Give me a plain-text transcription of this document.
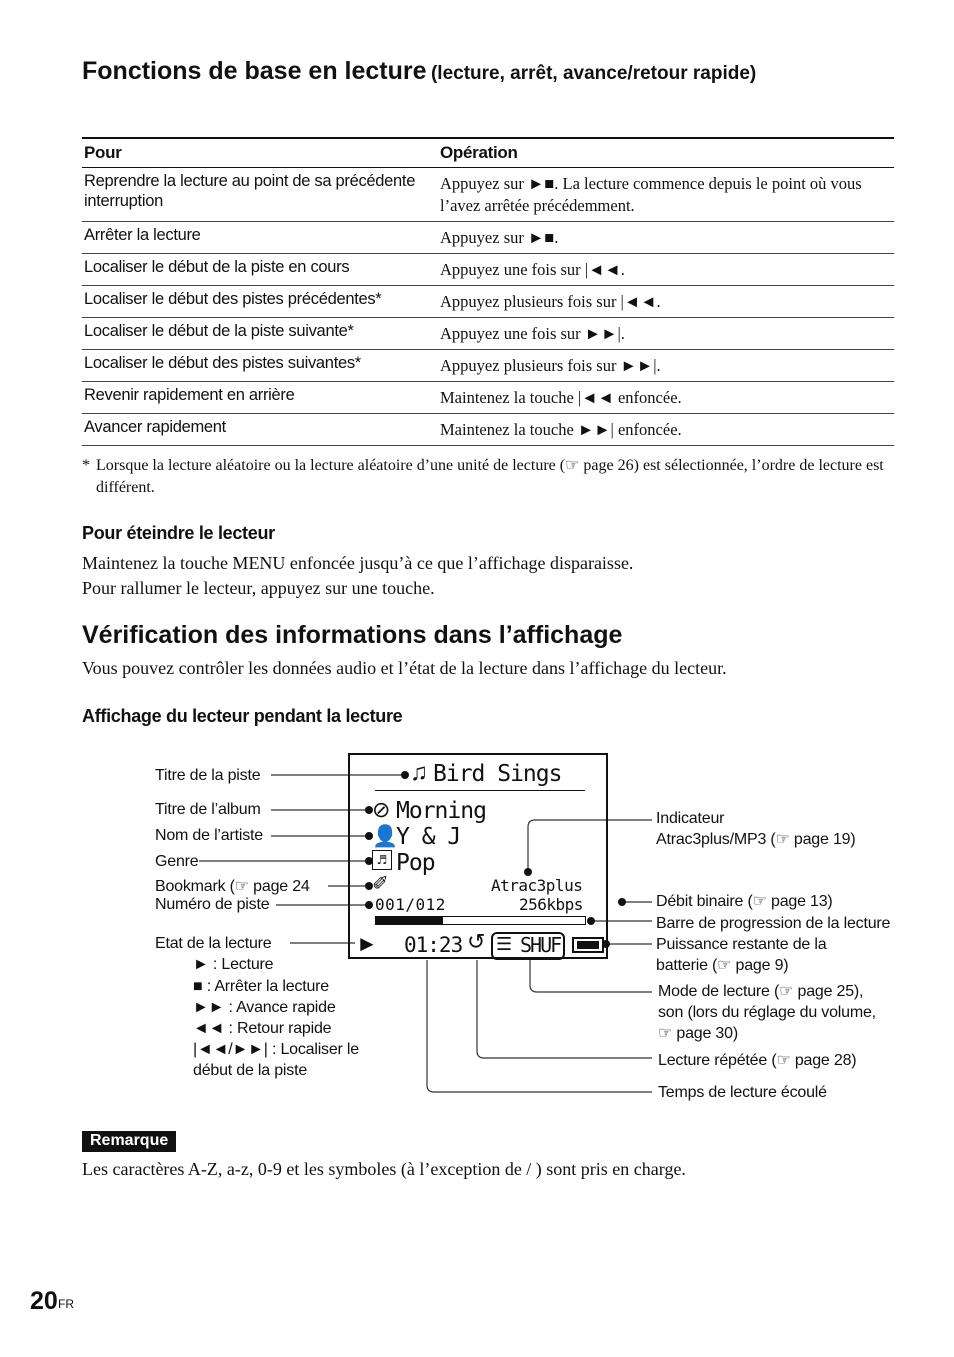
Fonctions de base en lecture (lecture, arrêt, avance/retour rapide)
Pour	Opération
Reprendre la lecture au point de sa précédente interruption	Appuyez sur ►■. La lecture commence depuis le point où vous l’avez arrêtée précédemment.
Arrêter la lecture	Appuyez sur ►■.
Localiser le début de la piste en cours	Appuyez une fois sur |◄◄.
Localiser le début des pistes précédentes*	Appuyez plusieurs fois sur |◄◄.
Localiser le début de la piste suivante*	Appuyez une fois sur ►►|.
Localiser le début des pistes suivantes*	Appuyez plusieurs fois sur ►►|.
Revenir rapidement en arrière	Maintenez la touche |◄◄ enfoncée.
Avancer rapidement	Maintenez la touche ►►| enfoncée.
* Lorsque la lecture aléatoire ou la lecture aléatoire d’une unité de lecture (☞ page 26) est sélectionnée, l’ordre de lecture est différent.
Pour éteindre le lecteur
Maintenez la touche MENU enfoncée jusqu’à ce que l’affichage disparaisse.
Pour rallumer le lecteur, appuyez sur une touche.
Vérification des informations dans l’affichage
Vous pouvez contrôler les données audio et l’état de la lecture dans l’affichage du lecteur.
Affichage du lecteur pendant la lecture
♫ Bird Sings
⊘ Morning
👤
Y & J
♬ Pop
✐	Atrac3plus
001/012	256kbps
► 01:23 ↺ ☰ SHUF
Titre de la piste
Titre de l’album
Nom de l’artiste
Genre
Bookmark (☞ page 24
Numéro de piste
Etat de la lecture
► : Lecture
■ : Arrêter la lecture
►► : Avance rapide
◄◄ : Retour rapide
|◄◄/►►| : Localiser le
début de la piste
Indicateur
Atrac3plus/MP3 (☞ page 19)
Débit binaire (☞ page 13)
Barre de progression de la lecture
Puissance restante de la
batterie (☞ page 9)
Mode de lecture (☞ page 25),
son (lors du réglage du volume,
☞ page 30)
Lecture répétée (☞ page 28)
Temps de lecture écoulé
Remarque
Les caractères A-Z, a-z, 0-9 et les symboles (à l’exception de / ) sont pris en charge.
20 FR
